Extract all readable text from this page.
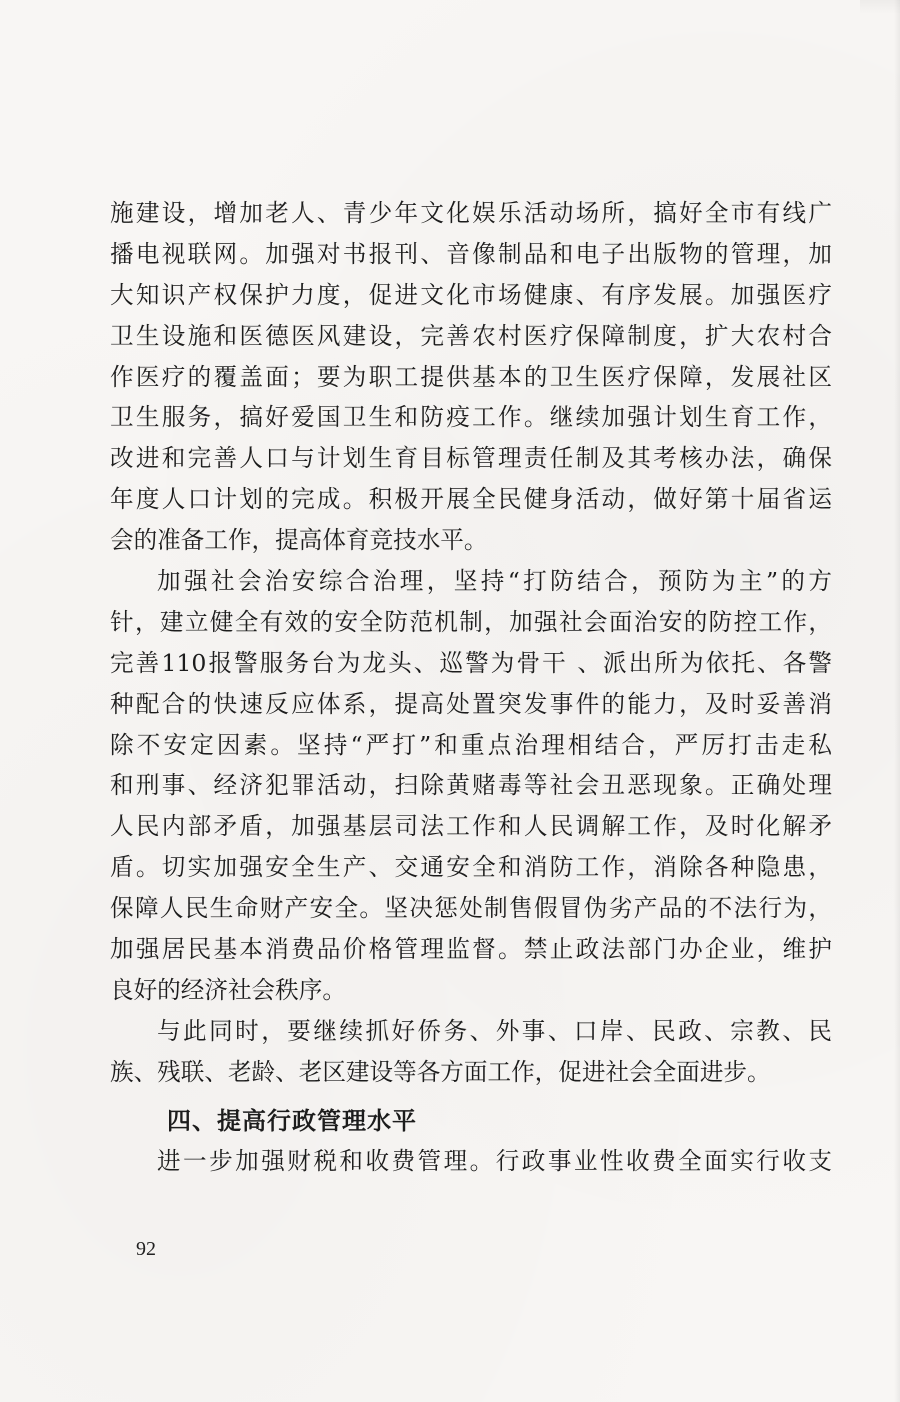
施建设，增加老人、青少年文化娱乐活动场所，搞好全市有线广
播电视联网。加强对书报刊、音像制品和电子出版物的管理，加
大知识产权保护力度，促进文化市场健康、有序发展。加强医疗
卫生设施和医德医风建设，完善农村医疗保障制度，扩大农村合
作医疗的覆盖面；要为职工提供基本的卫生医疗保障，发展社区
卫生服务，搞好爱国卫生和防疫工作。继续加强计划生育工作，
改进和完善人口与计划生育目标管理责任制及其考核办法，确保
年度人口计划的完成。积极开展全民健身活动，做好第十届省运
会的准备工作，提高体育竞技水平。
加强社会治安综合治理，坚持“打防结合，预防为主”的方
针，建立健全有效的安全防范机制，加强社会面治安的防控工作，
完善110报警服务台为龙头、巡警为骨干 、派出所为依托、各警
种配合的快速反应体系，提高处置突发事件的能力，及时妥善消
除不安定因素。坚持“严打”和重点治理相结合，严厉打击走私
和刑事、经济犯罪活动，扫除黄赌毒等社会丑恶现象。正确处理
人民内部矛盾，加强基层司法工作和人民调解工作，及时化解矛
盾。切实加强安全生产、交通安全和消防工作，消除各种隐患，
保障人民生命财产安全。坚决惩处制售假冒伪劣产品的不法行为，
加强居民基本消费品价格管理监督。禁止政法部门办企业，维护
良好的经济社会秩序。
与此同时，要继续抓好侨务、外事、口岸、民政、宗教、民
族、残联、老龄、老区建设等各方面工作，促进社会全面进步。
四、提高行政管理水平
进一步加强财税和收费管理。行政事业性收费全面实行收支
92
